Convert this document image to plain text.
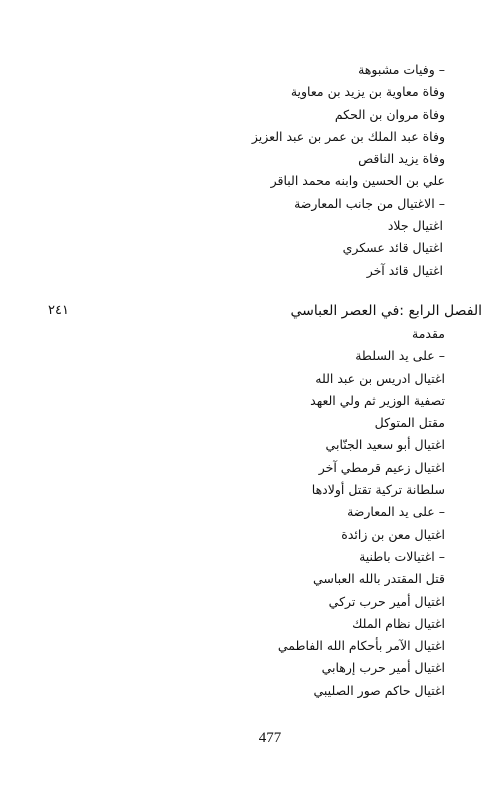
– وفيات مشبوهة
وفاة معاوية بن يزيد بن معاوية
وفاة مروان بن الحكم
وفاة عبد الملك بن عمر بن عبد العزيز
وفاة يزيد الناقص
علي بن الحسين وابنه محمد الباقر
– الاغتيال من جانب المعارضة
اغتيال جلاد
اغتيال قائد عسكري
اغتيال قائد آخر
الفصل الرابع :في العصر العباسي
٢٤١
مقدمة
– على يد السلطة
اغتيال ادريس بن عبد الله
تصفية الوزير ثم ولي العهد
مقتل المتوكل
اغتيال أبو سعيد الجنّابي
اغتيال زعيم قرمطي آخر
سلطانة تركية تقتل أولادها
– على يد المعارضة
اغتيال معن بن زائدة
– اغتيالات باطنية
قتل المقتدر بالله العباسي
اغتيال أمير حرب تركي
اغتيال نظام الملك
اغتيال الآمر بأحكام الله الفاطمي
اغتيال أمير حرب إرهابي
اغتيال حاكم صور الصليبي
477
